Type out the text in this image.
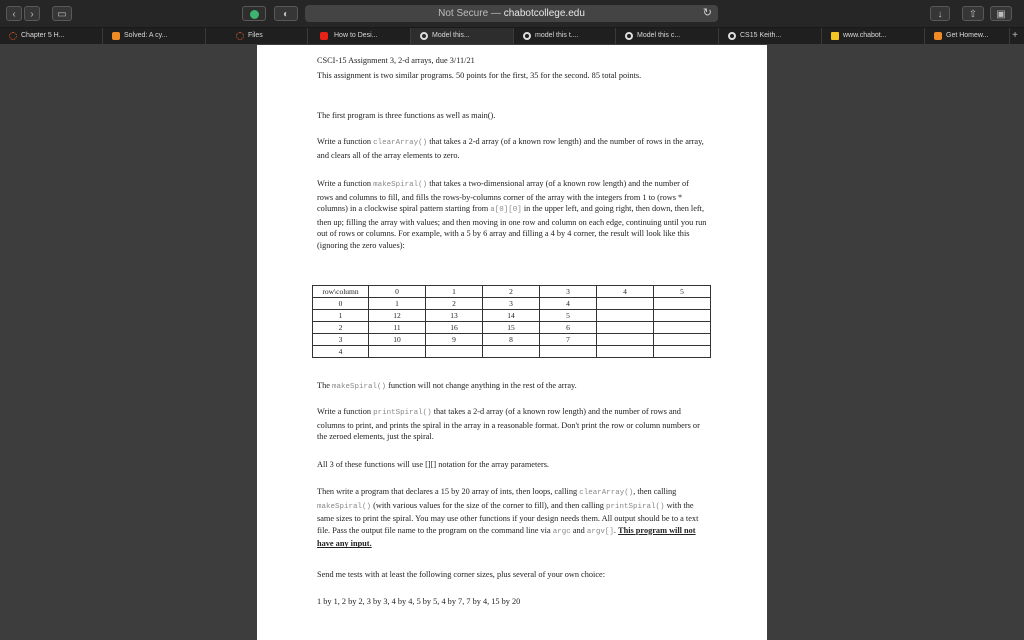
‹	›	▭	◐	Not Secure — chabotcollege.edu	↻	↓	⇧	▣
Chapter 5 H...	Solved: A cy...	Files	How to Desi...	Model this...	model this t....	Model this c...	CS15 Keith...	www.chabot...	Get Homew... +

CSCI-15 Assignment 3, 2-d arrays, due 3/11/21

This assignment is two similar programs. 50 points for the first, 35 for the second. 85 total points.

The first program is three functions as well as main().

Write a function clearArray() that takes a 2-d array (of a known row length) and the number of rows in the array, and clears all of the array elements to zero.

Write a function makeSpiral() that takes a two-dimensional array (of a known row length) and the number of rows and columns to fill, and fills the rows-by-columns corner of the array with the integers from 1 to (rows * columns) in a clockwise spiral pattern starting from a[0][0] in the upper left, and going right, then down, then left, then up; filling the array with values; and then moving in one row and column on each edge, continuing until you run out of rows or columns. For example, with a 5 by 6 array and filling a 4 by 4 corner, the result will look like this (ignoring the zero values):

row\column	0	1	2	3	4	5
0	1	2	3	4		
1	12	13	14	5		
2	11	16	15	6		
3	10	9	8	7		
4						

The makeSpiral() function will not change anything in the rest of the array.

Write a function printSpiral() that takes a 2-d array (of a known row length) and the number of rows and columns to print, and prints the spiral in the array in a reasonable format. Don't print the row or column numbers or the zeroed elements, just the spiral.

All 3 of these functions will use [][] notation for the array parameters.

Then write a program that declares a 15 by 20 array of ints, then loops, calling clearArray(), then calling makeSpiral() (with various values for the size of the corner to fill), and then calling printSpiral() with the same sizes to print the spiral. You may use other functions if your design needs them. All output should be to a text file. Pass the output file name to the program on the command line via argc and argv[]. This program will not have any input.

Send me tests with at least the following corner sizes, plus several of your own choice:

1 by 1, 2 by 2, 3 by 3, 4 by 4, 5 by 5, 4 by 7, 7 by 4, 15 by 20
